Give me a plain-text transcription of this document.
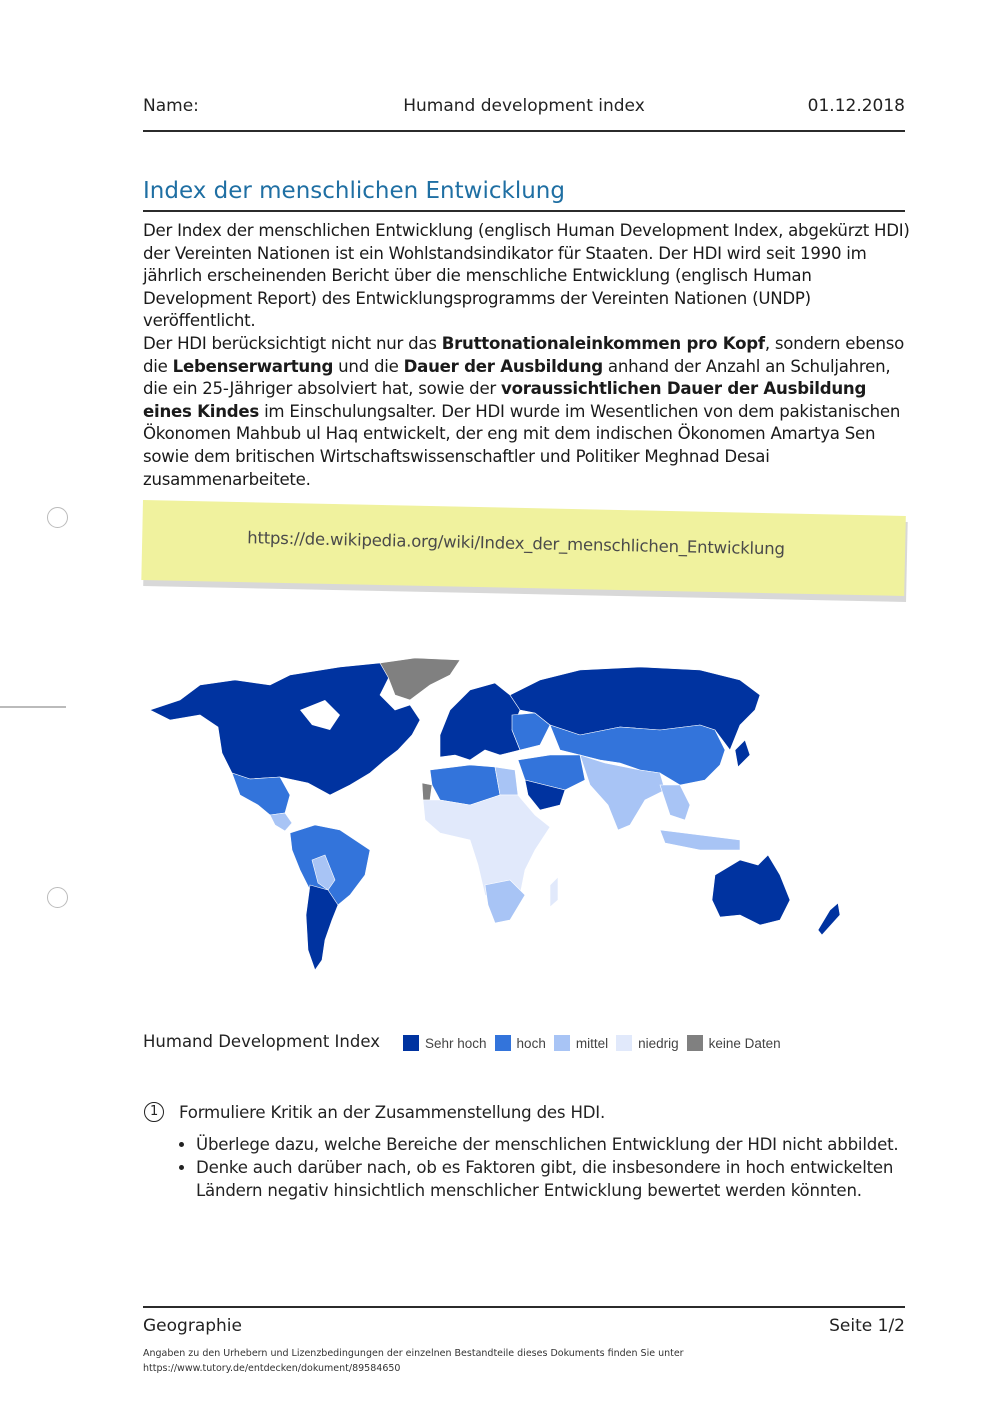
Name:	Humand development index	01.12.2018
Index der menschlichen Entwicklung

Der Index der menschlichen Entwicklung (englisch Human Development Index, abgekürzt HDI) der Vereinten Nationen ist ein Wohlstandsindikator für Staaten. Der HDI wird seit 1990 im jährlich erscheinenden Bericht über die menschliche Entwicklung (englisch Human Development Report) des Entwicklungsprogramms der Vereinten Nationen (UNDP) veröffentlicht.

Der HDI berücksichtigt nicht nur das Bruttonationaleinkommen pro Kopf, sondern ebenso die Lebenserwartung und die Dauer der Ausbildung anhand der Anzahl an Schuljahren, die ein 25-Jähriger absolviert hat, sowie der voraussichtlichen Dauer der Ausbildung eines Kindes im Einschulungsalter. Der HDI wurde im Wesentlichen von dem pakistanischen Ökonomen Mahbub ul Haq entwickelt, der eng mit dem indischen Ökonomen Amartya Sen sowie dem britischen Wirtschaftswissenschaftler und Politiker Meghnad Desai zusammenarbeitete.

https://de.wikipedia.org/wiki/Index_der_menschlichen_Entwicklung
Humand Development Index	Sehr hoch hoch mittel niedrig keine Daten
1	Formuliere Kritik an der Zusammenstellung des HDI.
• Überlege dazu, welche Bereiche der menschlichen Entwicklung der HDI nicht abbildet.
• Denke auch darüber nach, ob es Faktoren gibt, die insbesondere in hoch entwickelten Ländern negativ hinsichtlich menschlicher Entwicklung bewertet werden könnten.
Geographie	Seite 1/2
Angaben zu den Urhebern und Lizenzbedingungen der einzelnen Bestandteile dieses Dokuments finden Sie unter
https://www.tutory.de/entdecken/dokument/89584650
